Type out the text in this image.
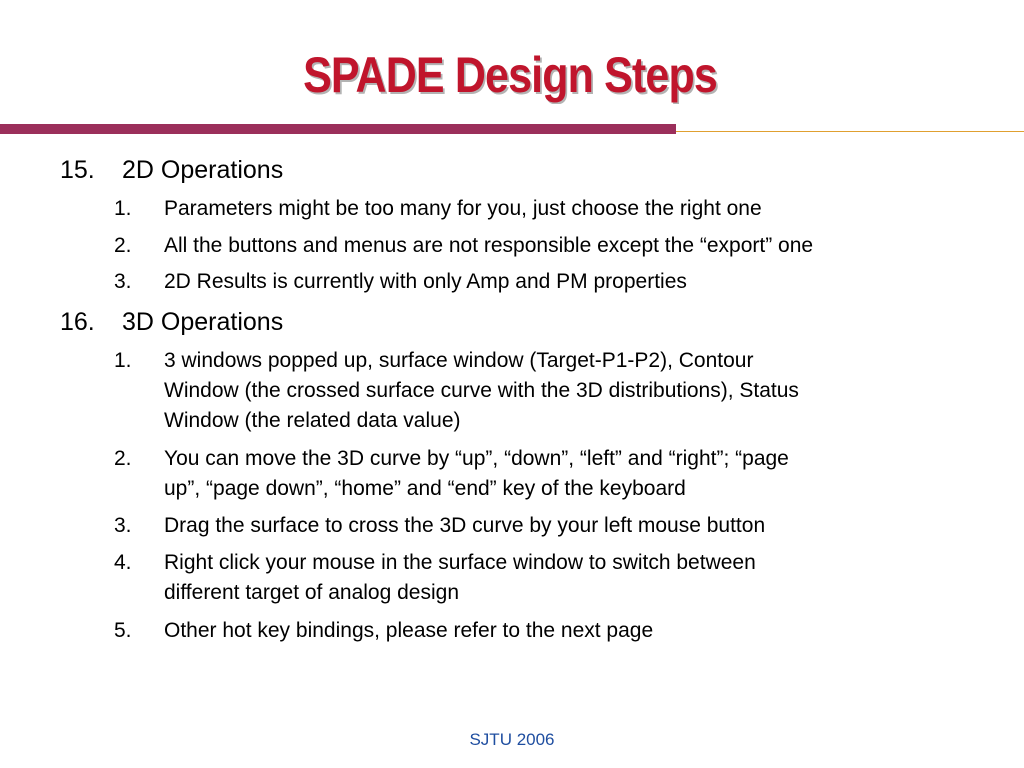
SPADE Design Steps
15. 2D Operations
1. Parameters might be too many for you, just choose the right one
2. All the buttons and menus are not responsible except the “export” one
3. 2D Results is currently with only Amp and PM properties
16. 3D Operations
1. 3 windows popped up, surface window (Target-P1-P2), Contour
Window (the crossed surface curve with the 3D distributions), Status
Window (the related data value)
2. You can move the 3D curve by “up”, “down”, “left” and “right”; “page
up”, “page down”, “home” and “end” key of the keyboard
3. Drag the surface to cross the 3D curve by your left mouse button
4. Right click your mouse in the surface window to switch between
different target of analog design
5. Other hot key bindings, please refer to the next page
SJTU 2006
